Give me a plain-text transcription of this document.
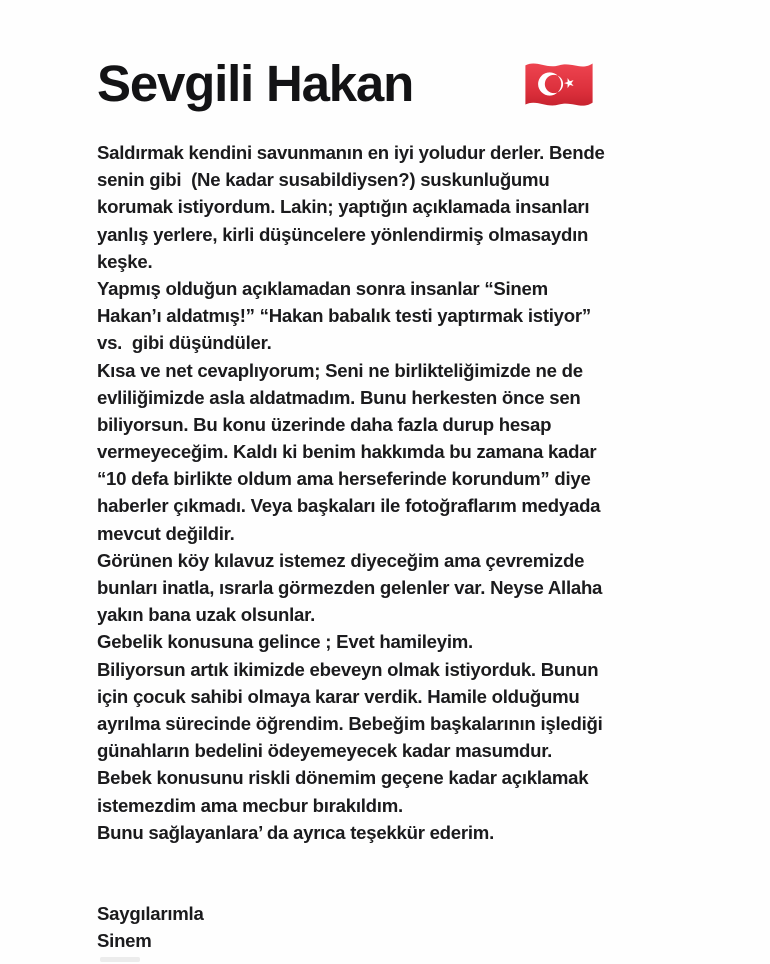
Sevgili Hakan
Saldırmak kendini savunmanın en iyi yoludur derler. Bende
senin gibi  (Ne kadar susabildiysen?) suskunluğumu
korumak istiyordum. Lakin; yaptığın açıklamada insanları
yanlış yerlere, kirli düşüncelere yönlendirmiş olmasaydın
keşke.
Yapmış olduğun açıklamadan sonra insanlar “Sinem
Hakan’ı aldatmış!” “Hakan babalık testi yaptırmak istiyor”
vs.  gibi düşündüler.
Kısa ve net cevaplıyorum; Seni ne birlikteliğimizde ne de
evliliğimizde asla aldatmadım. Bunu herkesten önce sen
biliyorsun. Bu konu üzerinde daha fazla durup hesap
vermeyeceğim. Kaldı ki benim hakkımda bu zamana kadar
“10 defa birlikte oldum ama herseferinde korundum” diye
haberler çıkmadı. Veya başkaları ile fotoğraflarım medyada
mevcut değildir.
Görünen köy kılavuz istemez diyeceğim ama çevremizde
bunları inatla, ısrarla görmezden gelenler var. Neyse Allaha
yakın bana uzak olsunlar.
Gebelik konusuna gelince ; Evet hamileyim.
Biliyorsun artık ikimizde ebeveyn olmak istiyorduk. Bunun
için çocuk sahibi olmaya karar verdik. Hamile olduğumu
ayrılma sürecinde öğrendim. Bebeğim başkalarının işlediği
günahların bedelini ödeyemeyecek kadar masumdur.
Bebek konusunu riskli dönemim geçene kadar açıklamak
istemezdim ama mecbur bırakıldım.
Bunu sağlayanlara’ da ayrıca teşekkür ederim.
Saygılarımla
Sinem
